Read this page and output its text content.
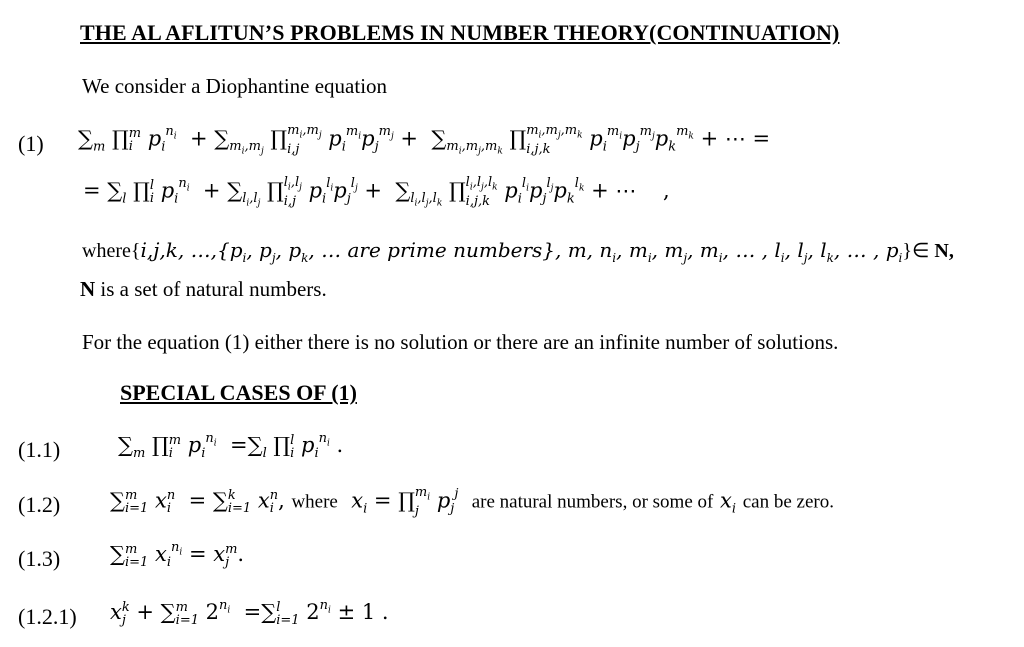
THE AL AFLITUN’S PROBLEMS IN NUMBER THEORY(CONTINUATION)
We consider a Diophantine equation
(1) $\sum_m$ ∏ m
i $p_i^{n_i} + \sum_{m_i,m_j}$ ∏ $m_i,m_j$
i,j	$p_i^{m_i}p_j^{m_j} + \sum_{m_i,m_j,m_k}$ ∏ $m_i,m_j,m_k$
i,j,k	$p_i^{m_i}p_j^{m_j}p_k^{m_k}$ + ⋯ =
= $\sum_l$ ∏ l
i $p_i^{n_i} + \sum_{l_i,l_j}$ ∏ $l_i,l_j$
i,j $p_i^{l_i}p_j^{l_j} + \sum_{l_i,l_j,l_k}$ ∏ $l_i,l_j,l_k$
i,j,k $p_i^{l_i}p_j^{l_j}p_k^{l_k}$ + ⋯    ,
where{i,j,k, $\dots,\{p_i$, $p_j$, $p_k$, … are prime numbers}, m, $n_i$, $m_i$, $m_j$, $m_i$, … , $l_i$, $l_j$, $l_k$, … , $p_i\}\in$ N,
N is a set of natural numbers.
For the equation (1) either there is no solution or there are an infinite number of solutions.
SPECIAL CASES OF (1)
(1.1)	$\sum_m$ ∏ m
i $p_i^{n_i} =\sum_l$ ∏ l
i $p_i^{n_i}$ .
(1.2) ∑ m
i=1 x n
i = ∑ k
i=1 x n
i , where $x_i$ = ∏ $m_i$
j $p_j^j$ are natural numbers, or some of $x_i$ can be zero.
(1.3) ∑ m
i=1 $x_i^{n_i} = x$ m
j .
(1.2.1) x k
j + ∑ m
i=1 $2^{n_i}$  =∑ l
i=1 $2^{n_i} \pm 1$ .
